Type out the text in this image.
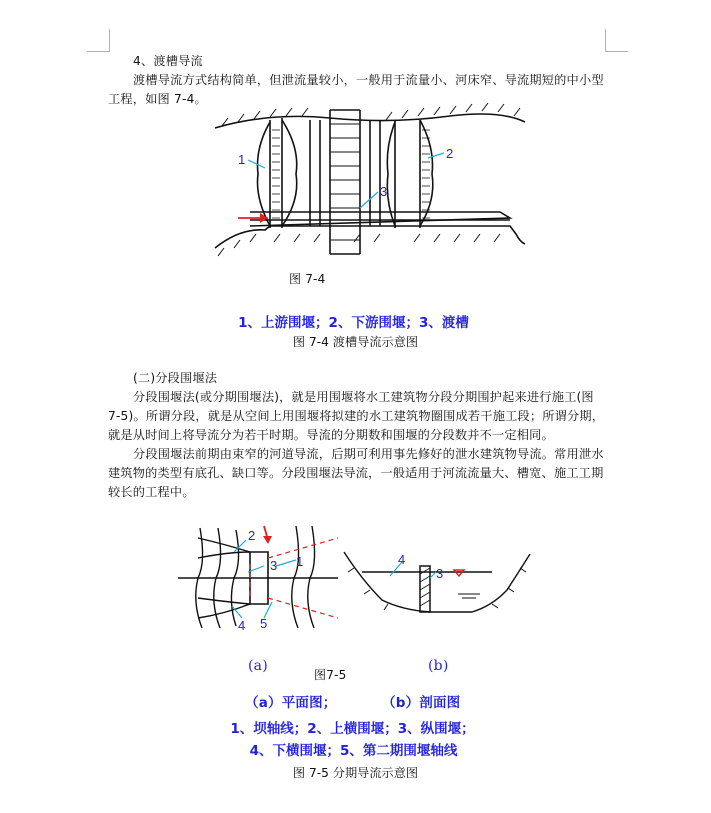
4、渡槽导流
渡槽导流方式结构简单，但泄流量较小，一般用于流量小、河床窄、导流期短的中小型
工程，如图 7-4。
1	2
3
图 7-4
1、上游围堰；2、下游围堰；3、渡槽
图 7-4 渡槽导流示意图
(二)分段围堰法
分段围堰法(或分期围堰法)，就是用围堰将水工建筑物分段分期围护起来进行施工(图
7-5)。所谓分段，就是从空间上用围堰将拟建的水工建筑物圈围成若干施工段；所谓分期，
就是从时间上将导流分为若干时期。导流的分期数和围堰的分段数并不一定相同。
分段围堰法前期由束窄的河道导流，后期可利用事先修好的泄水建筑物导流。常用泄水
建筑物的类型有底孔、缺口等。分段围堰法导流，一般适用于河流流量大、槽宽、施工工期
较长的工程中。
2
3 1
4 5
4
3
(a)
图7-5
(b)
（a）平面图；	（b）剖面图
1、坝轴线；2、上横围堰；3、纵围堰；
4、下横围堰；5、第二期围堰轴线
图 7-5 分期导流示意图
